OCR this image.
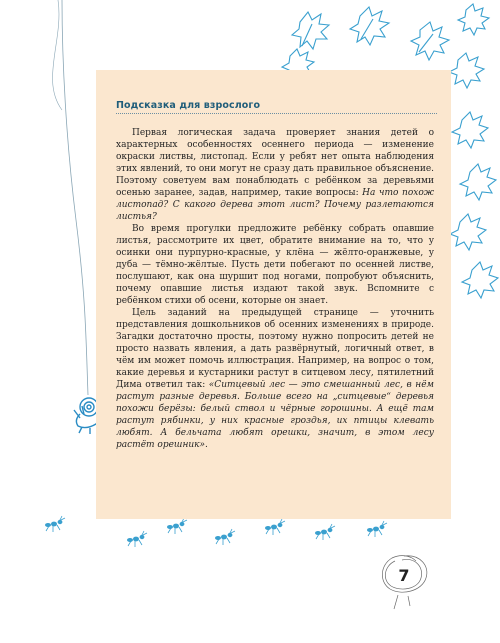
Подсказка для взрослого

Первая логическая задача проверяет знания детей о характерных особенностях осеннего периода — изменение окраски листвы, листопад. Если у ребят нет опыта наблюдения этих явлений, то они могут не сразу дать правильное объяснение. Поэтому советуем вам понаблюдать с ребёнком за деревьями осенью заранее, задав, например, такие вопросы: На что похож листопад? С какого дерева этот лист? Почему разлетаются листья?

Во время прогулки предложите ребёнку собрать опавшие листья, рассмотрите их цвет, обратите внимание на то, что у осинки они пурпурно-красные, у клёна — жёлто-оранжевые, у дуба — тёмно-жёлтые. Пусть дети побегают по осенней листве, послушают, как она шуршит под ногами, попробуют объяснить, почему опавшие листья издают такой звук. Вспомните с ребёнком стихи об осени, которые он знает.

Цель заданий на предыдущей странице — уточнить представления дошкольников об осенних изменениях в природе. Загадки достаточно просты, поэтому нужно попросить детей не просто назвать явления, а дать развёрнутый, логичный ответ, в чём им может помочь иллюстрация. Например, на вопрос о том, какие деревья и кустарники растут в ситцевом лесу, пятилетний Дима ответил так: «Ситцевый лес — это смешанный лес, в нём растут разные деревья. Больше всего на „ситцевые“ деревья похожи берёзы: белый ствол и чёрные горошины. А ещё там растут рябинки, у них красные гроздья, их птицы клевать любят. А бельчата любят орешки, значит, в этом лесу растёт орешник».

7
